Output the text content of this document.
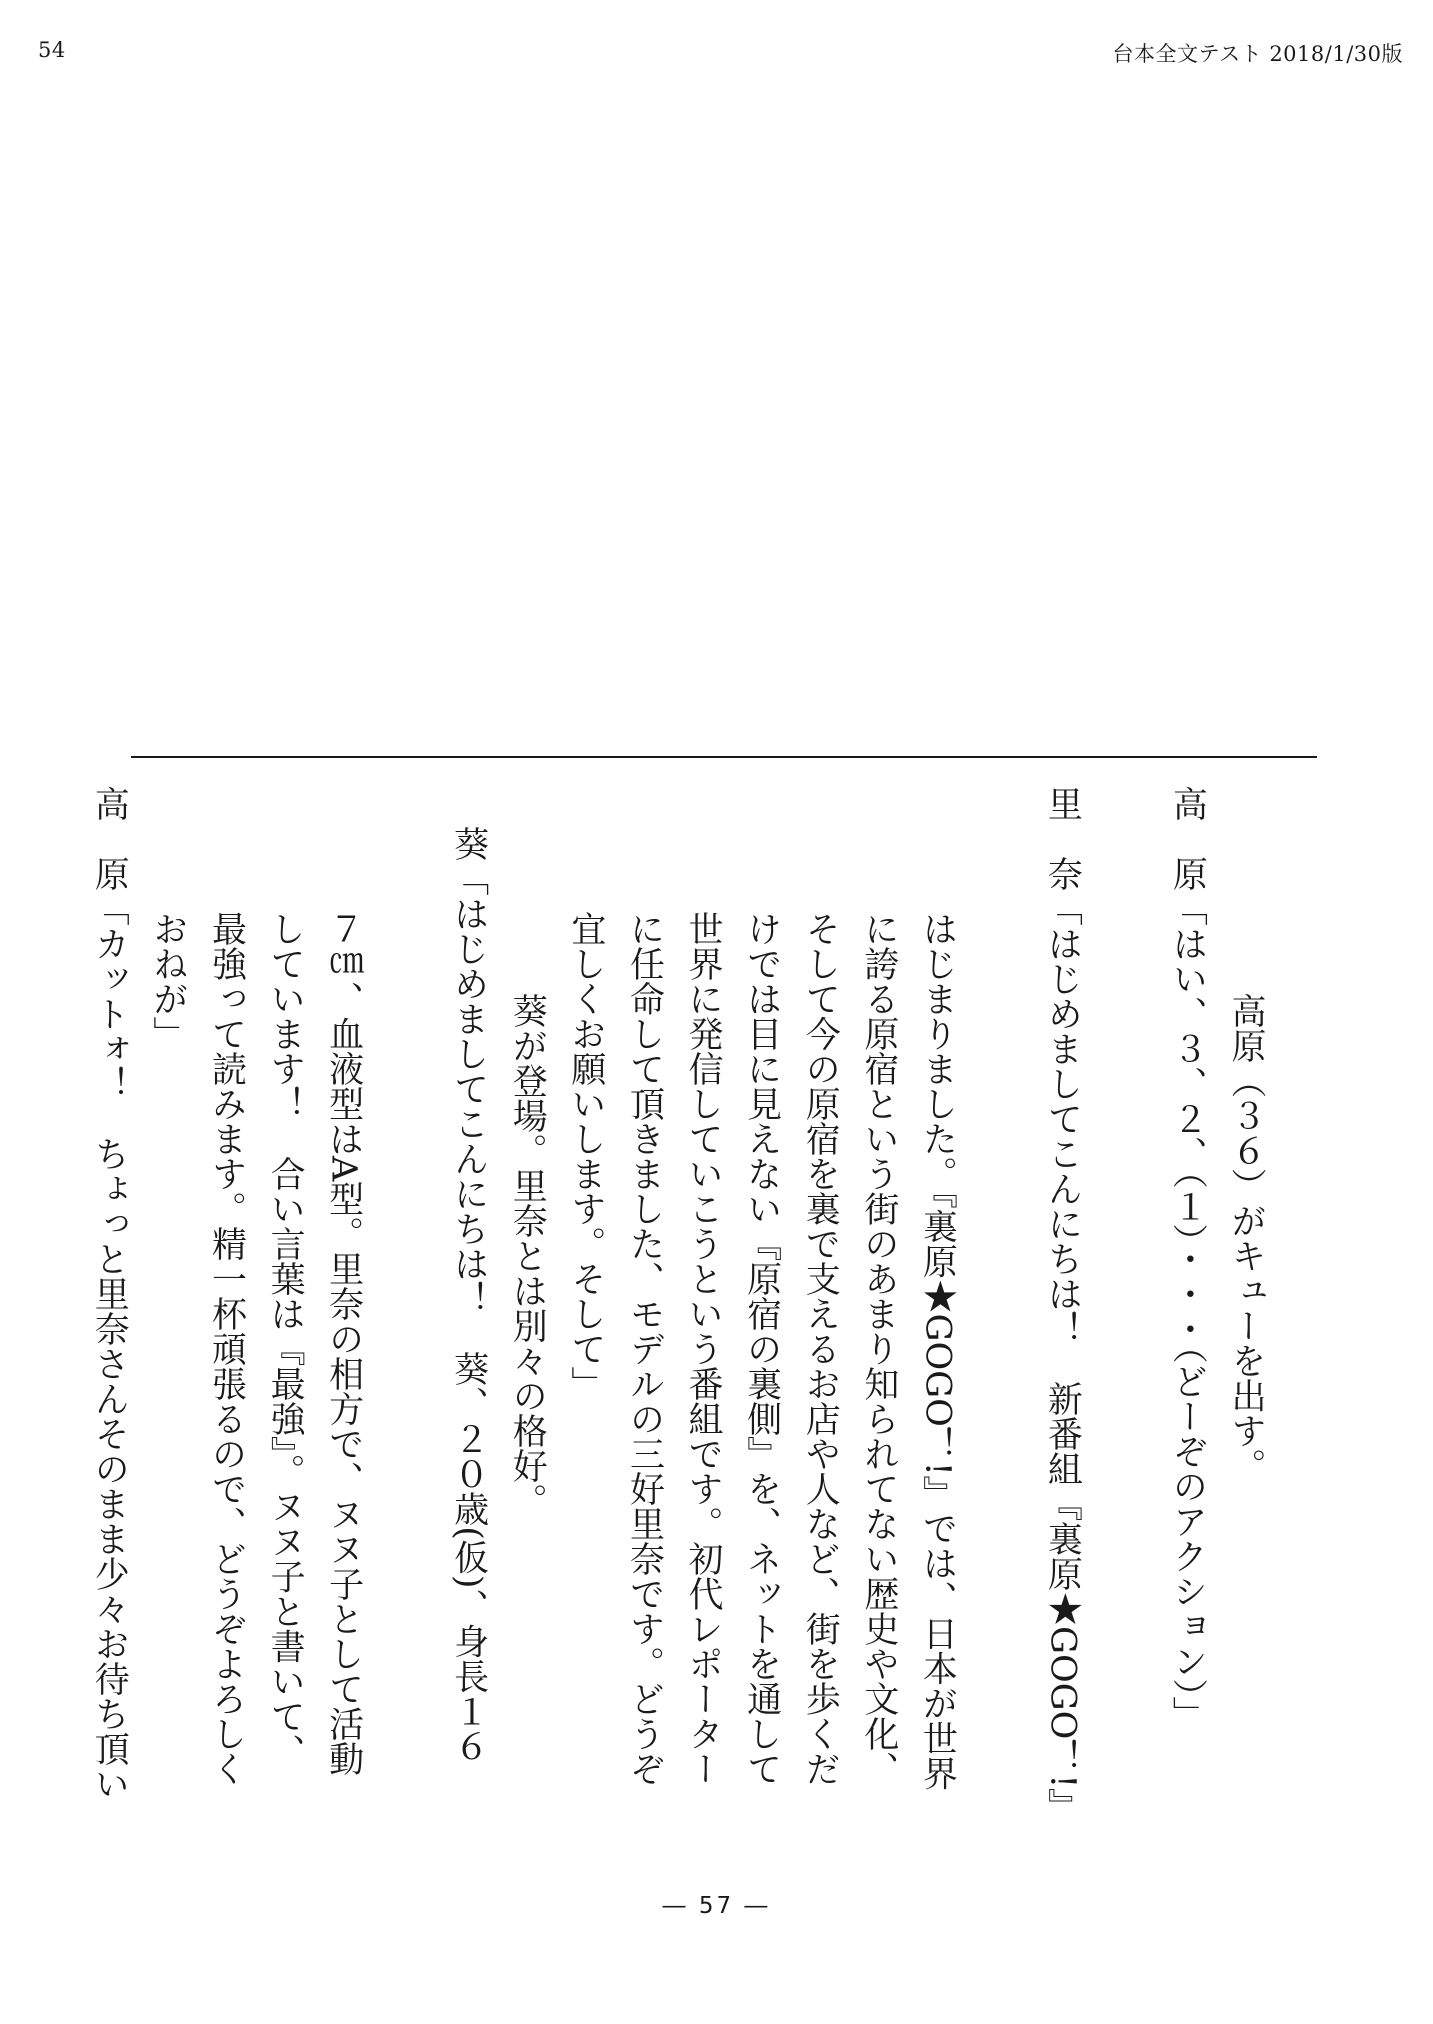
54	台本全文テスト 2018/1/30版
高原（３６）がキューを出す。
高　原「はい、３、２、（１）・・・（どーぞのアクション）」
里　奈「はじめましてこんにちは！　新番組『裏原★GOGO！!』
はじまりました。『裏原★GOGO！!』では、日本が世界
に誇る原宿という街のあまり知られてない歴史や文化、
そして今の原宿を裏で支えるお店や人など、街を歩くだ
けでは目に見えない『原宿の裏側』を、ネットを通して
世界に発信していこうという番組です。初代レポーター
に任命して頂きました、モデルの三好里奈です。どうぞ
宜しくお願いします。そして」
葵が登場。里奈とは別々の格好。
葵「はじめましてこんにちは！　葵、２０歳(仮)、身長１６
７㎝、血液型はA型。里奈の相方で、ヌヌ子として活動
しています！　合い言葉は『最強』。ヌヌ子と書いて、
最強って読みます。精一杯頑張るので、どうぞよろしく
おねが」
高　原「カットォ！　ちょっと里奈さんそのまま少々お待ち頂い
― 57 ―
